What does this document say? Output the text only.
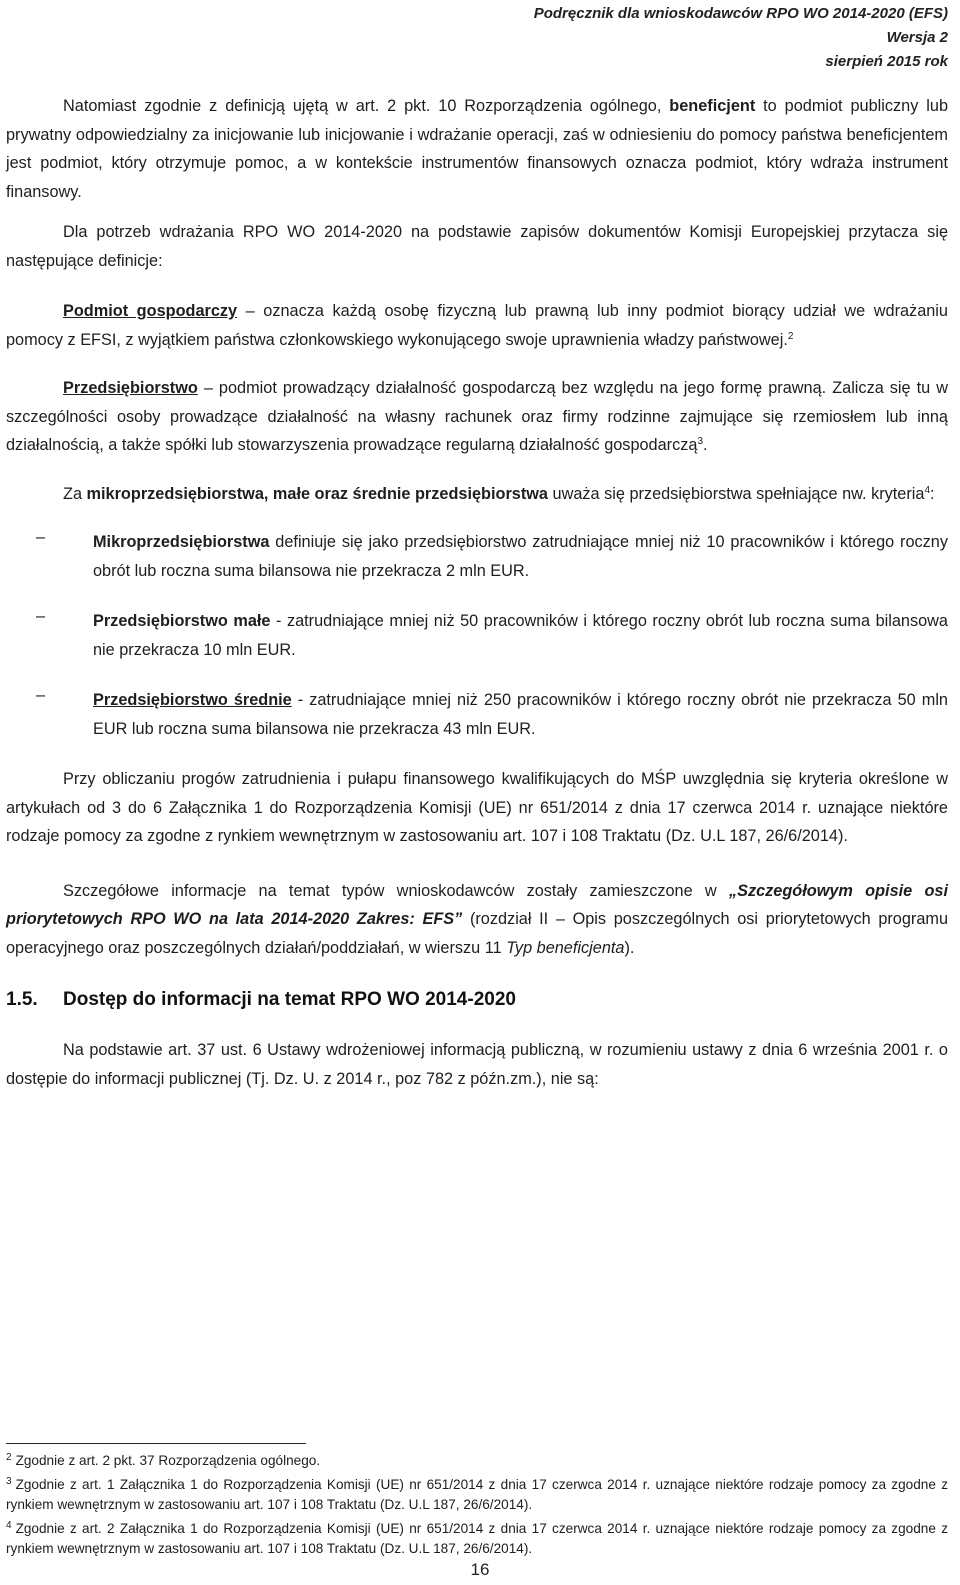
Podręcznik dla wnioskodawców RPO WO 2014-2020 (EFS)
Wersja 2
sierpień 2015 rok

Natomiast zgodnie z definicją ujętą w art. 2 pkt. 10 Rozporządzenia ogólnego, beneficjent to podmiot publiczny lub prywatny odpowiedzialny za inicjowanie lub inicjowanie i wdrażanie operacji, zaś w odniesieniu do pomocy państwa beneficjentem jest podmiot, który otrzymuje pomoc, a w kontekście instrumentów finansowych oznacza podmiot, który wdraża instrument finansowy.

Dla potrzeb wdrażania RPO WO 2014-2020 na podstawie zapisów dokumentów Komisji Europejskiej przytacza się następujące definicje:

Podmiot gospodarczy – oznacza każdą osobę fizyczną lub prawną lub inny podmiot biorący udział we wdrażaniu pomocy z EFSI, z wyjątkiem państwa członkowskiego wykonującego swoje uprawnienia władzy państwowej.$^2$

Przedsiębiorstwo – podmiot prowadzący działalność gospodarczą bez względu na jego formę prawną. Zalicza się tu w szczególności osoby prowadzące działalność na własny rachunek oraz firmy rodzinne zajmujące się rzemiosłem lub inną działalnością, a także spółki lub stowarzyszenia prowadzące regularną działalność gospodarczą$^3$.

Za mikroprzedsiębiorstwa, małe oraz średnie przedsiębiorstwa uważa się przedsiębiorstwa spełniające nw. kryteria$^4$:

–	Mikroprzedsiębiorstwa definiuje się jako przedsiębiorstwo zatrudniające mniej niż 10 pracowników i którego roczny obrót lub roczna suma bilansowa nie przekracza 2 mln EUR.

–	Przedsiębiorstwo małe - zatrudniające mniej niż 50 pracowników i którego roczny obrót lub roczna suma bilansowa nie przekracza 10 mln EUR.

–	Przedsiębiorstwo średnie - zatrudniające mniej niż 250 pracowników i którego roczny obrót nie przekracza 50 mln EUR lub roczna suma bilansowa nie przekracza 43 mln EUR.

Przy obliczaniu progów zatrudnienia i pułapu finansowego kwalifikujących do MŚP uwzględnia się kryteria określone w artykułach od 3 do 6 Załącznika 1 do Rozporządzenia Komisji (UE) nr 651/2014 z dnia 17 czerwca 2014 r. uznające niektóre rodzaje pomocy za zgodne z rynkiem wewnętrznym w zastosowaniu art. 107 i 108 Traktatu (Dz. U.L 187, 26/6/2014).

Szczegółowe informacje na temat typów wnioskodawców zostały zamieszczone w „Szczegółowym opisie osi priorytetowych RPO WO na lata 2014-2020 Zakres: EFS” (rozdział II – Opis poszczególnych osi priorytetowych programu operacyjnego oraz poszczególnych działań/poddziałań, w wierszu 11 Typ beneficjenta).

1.5. Dostęp do informacji na temat RPO WO 2014-2020

Na podstawie art. 37 ust. 6 Ustawy wdrożeniowej informacją publiczną, w rozumieniu ustawy z dnia 6 września 2001 r. o dostępie do informacji publicznej (Tj. Dz. U. z 2014 r., poz 782 z późn.zm.), nie są:

$^2$ Zgodnie z art. 2 pkt. 37 Rozporządzenia ogólnego.

$^3$ Zgodnie z art. 1 Załącznika 1 do Rozporządzenia Komisji (UE) nr 651/2014 z dnia 17 czerwca 2014 r. uznające niektóre rodzaje pomocy za zgodne z rynkiem wewnętrznym w zastosowaniu art. 107 i 108 Traktatu (Dz. U.L 187, 26/6/2014).

$^4$ Zgodnie z art. 2 Załącznika 1 do Rozporządzenia Komisji (UE) nr 651/2014 z dnia 17 czerwca 2014 r. uznające niektóre rodzaje pomocy za zgodne z rynkiem wewnętrznym w zastosowaniu art. 107 i 108 Traktatu (Dz. U.L 187, 26/6/2014).

16
